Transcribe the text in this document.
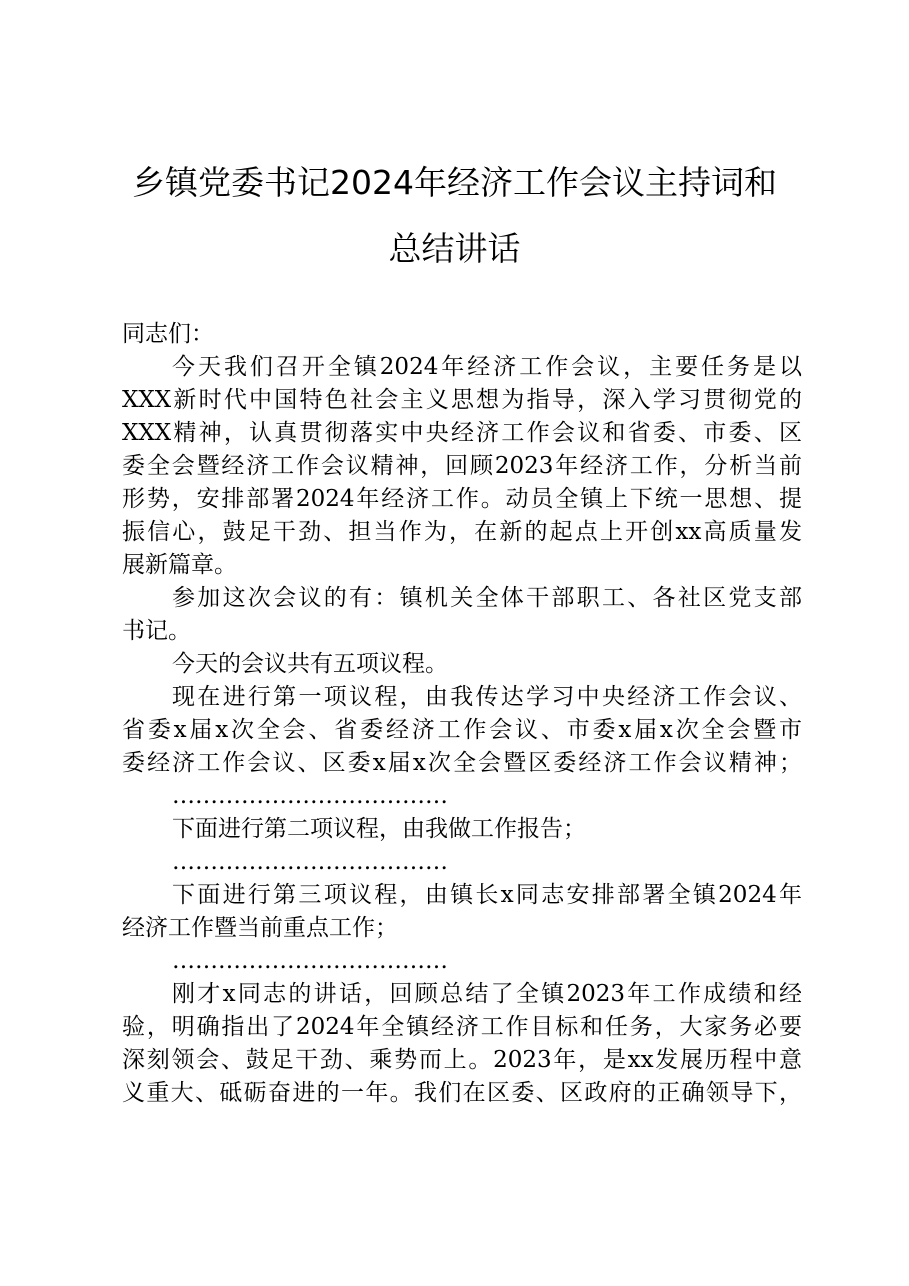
乡镇党委书记2024年经济工作会议主持词和
总结讲话

同志们：

今天我们召开全镇2024年经济工作会议，主要任务是以

XXX新时代中国特色社会主义思想为指导，深入学习贯彻党的

XXX精神，认真贯彻落实中央经济工作会议和省委、市委、区

委全会暨经济工作会议精神，回顾2023年经济工作，分析当前

形势，安排部署2024年经济工作。动员全镇上下统一思想、提

振信心，鼓足干劲、担当作为，在新的起点上开创xx高质量发

展新篇章。

参加这次会议的有：镇机关全体干部职工、各社区党支部

书记。

今天的会议共有五项议程。

现在进行第一项议程，由我传达学习中央经济工作会议、

省委x届x次全会、省委经济工作会议、市委x届x次全会暨市

委经济工作会议、区委x届x次全会暨区委经济工作会议精神；

………………………………

下面进行第二项议程，由我做工作报告；

………………………………

下面进行第三项议程，由镇长x同志安排部署全镇2024年

经济工作暨当前重点工作；

………………………………

刚才x同志的讲话，回顾总结了全镇2023年工作成绩和经

验，明确指出了2024年全镇经济工作目标和任务，大家务必要

深刻领会、鼓足干劲、乘势而上。2023年，是xx发展历程中意

义重大、砥砺奋进的一年。我们在区委、区政府的正确领导下，
